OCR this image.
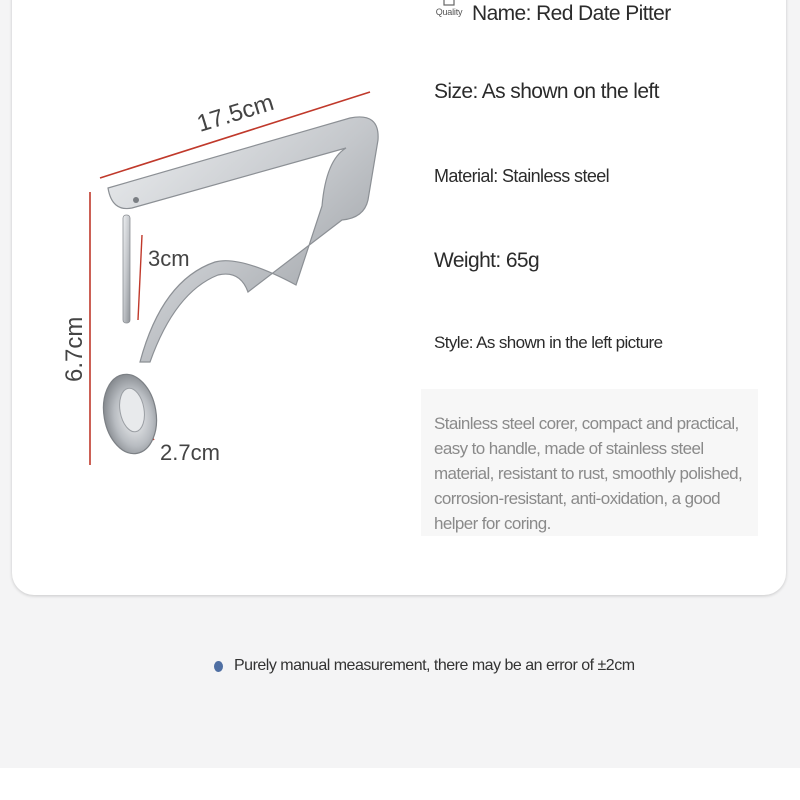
17.5cm
6.7cm
3cm
2.7cm
Quality Name: Red Date Pitter
Size: As shown on the left
Material: Stainless steel
Weight: 65g
Style: As shown in the left picture
Stainless steel corer, compact and practical, easy to handle, made of stainless steel material, resistant to rust, smoothly polished, corrosion-resistant, anti-oxidation, a good helper for coring.
Purely manual measurement, there may be an error of ±2cm
